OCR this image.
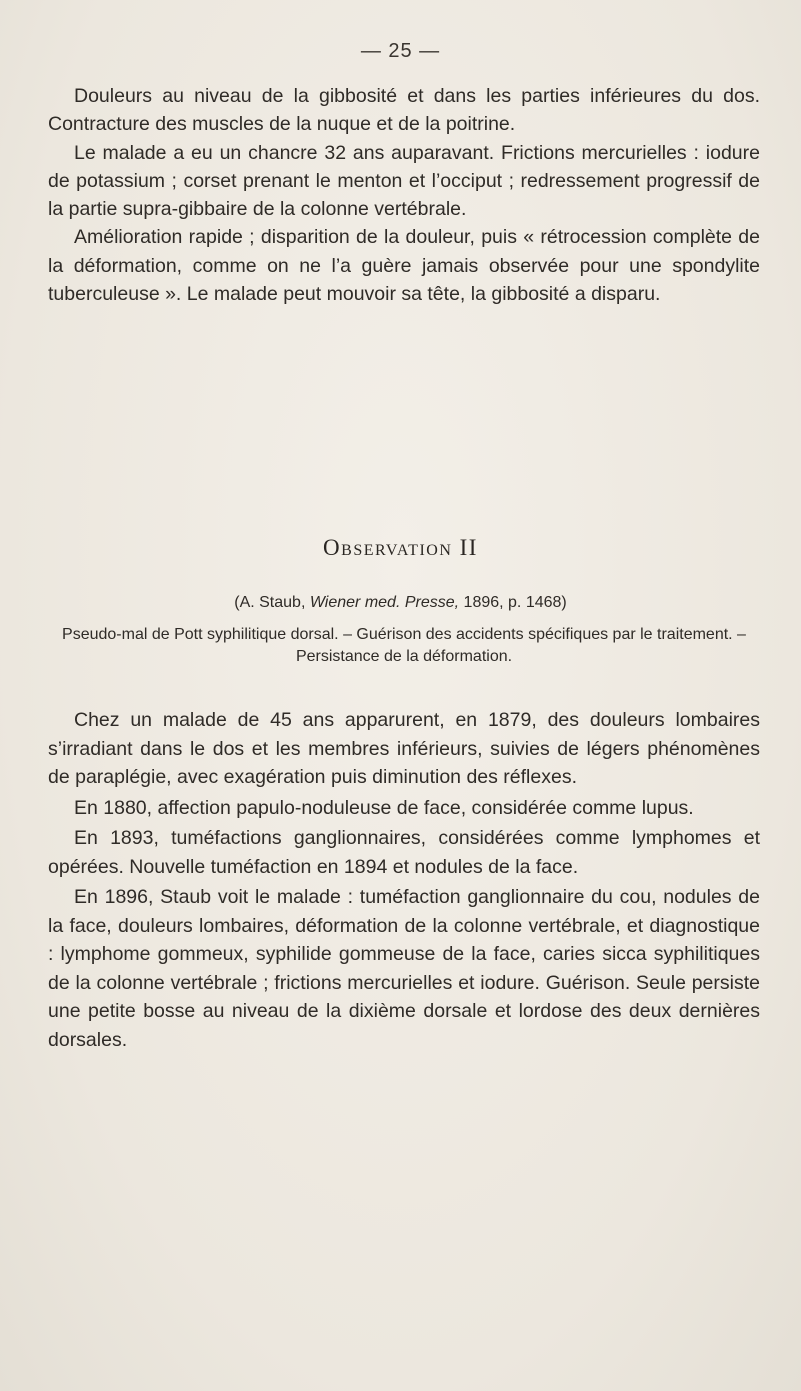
— 25 —

Douleurs au niveau de la gibbosité et dans les parties inférieures du dos. Contracture des muscles de la nuque et de la poitrine.

Le malade a eu un chancre 32 ans auparavant. Frictions mercurielles : iodure de potassium ; corset prenant le menton et l’occiput ; redressement progressif de la partie supra-gibbaire de la colonne vertébrale.

Amélioration rapide ; disparition de la douleur, puis « rétrocession complète de la déformation, comme on ne l’a guère jamais observée pour une spondylite tuberculeuse ». Le malade peut mouvoir sa tête, la gibbosité a disparu.

Observation II
(A. Staub, Wiener med. Presse, 1896, p. 1468)
Pseudo-mal de Pott syphilitique dorsal. – Guérison des accidents spécifiques par le traitement. – Persistance de la déformation.

Chez un malade de 45 ans apparurent, en 1879, des douleurs lombaires s’irradiant dans le dos et les membres inférieurs, suivies de légers phénomènes de paraplégie, avec exagération puis diminution des réflexes.

En 1880, affection papulo-noduleuse de face, considérée comme lupus.

En 1893, tuméfactions ganglionnaires, considérées comme lymphomes et opérées. Nouvelle tuméfaction en 1894 et nodules de la face.

En 1896, Staub voit le malade : tuméfaction ganglionnaire du cou, nodules de la face, douleurs lombaires, déformation de la colonne vertébrale, et diagnostique : lymphome gommeux, syphilide gommeuse de la face, caries sicca syphilitiques de la colonne vertébrale ; frictions mercurielles et iodure. Guérison. Seule persiste une petite bosse au niveau de la dixième dorsale et lordose des deux dernières dorsales.
